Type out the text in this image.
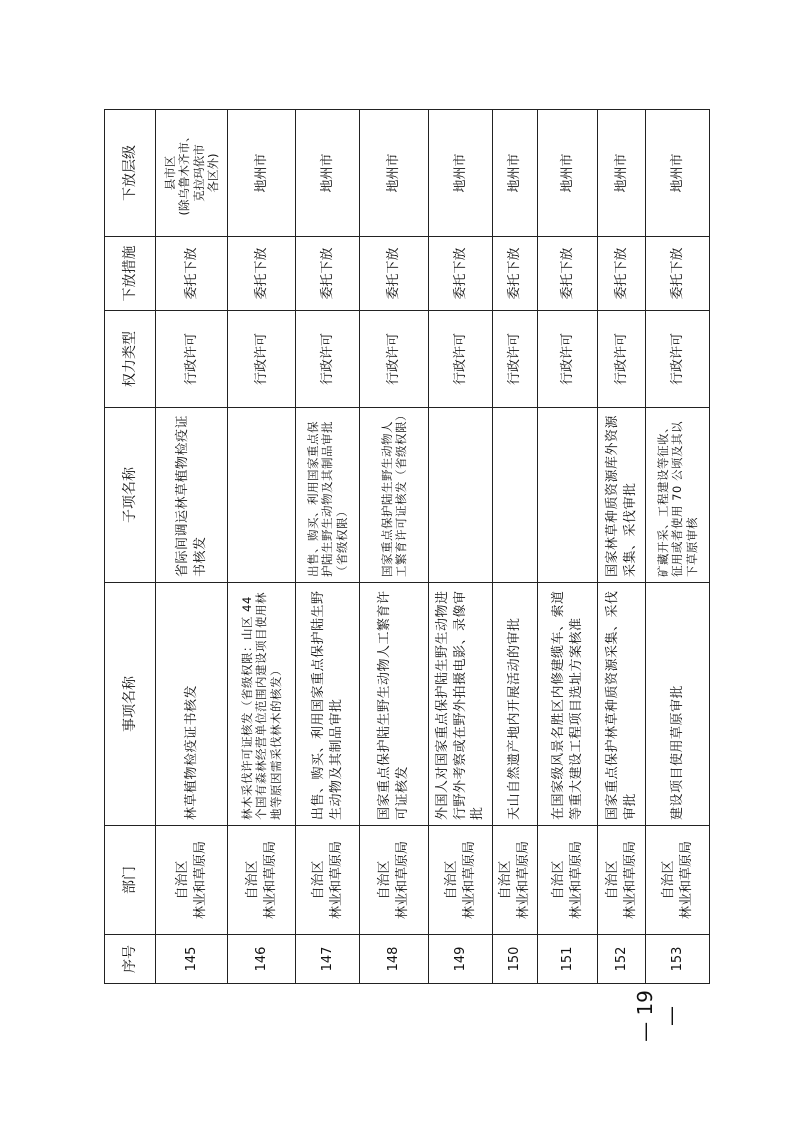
序号	部门	事项名称	子项名称	权力类型	下放措施	下放层级
145	自治区 林业和草原局	林草植物检疫证书核发	省际间调运林草植物检疫证书核发	行政许可	委托下放	县市区 (除乌鲁木齐市、 克拉玛依市 各区外)

146	自治区 林业和草原局	林木采伐许可证核发（省级权限：山区 44 个国有森林经营单位范围内建设项目使用林地等原因需采伐林木的核发）		行政许可	委托下放	地州市
147	自治区 林业和草原局	出售、购买、利用国家重点保护陆生野生动物及其制品审批	出售、购买、利用国家重点保护陆生野生动物及其制品审批（省级权限）	行政许可	委托下放	地州市
148	自治区 林业和草原局	国家重点保护陆生野生动物人工繁育许可证核发	国家重点保护陆生野生动物人工繁育许可证核发（省级权限）	行政许可	委托下放	地州市
149	自治区 林业和草原局	外国人对国家重点保护陆生野生动物进行野外考察或在野外拍摄电影、录像审批		行政许可	委托下放	地州市
150	自治区 林业和草原局	天山自然遗产地内开展活动的审批		行政许可	委托下放	地州市
151	自治区 林业和草原局	在国家级风景名胜区内修建缆车、索道等重大建设工程项目选址方案核准		行政许可	委托下放	地州市
152	自治区 林业和草原局	国家重点保护林草种质资源采集、采伐审批	国家林草种质资源库外资源采集、采伐审批	行政许可	委托下放	地州市
153	自治区 林业和草原局	建设项目使用草原审批	矿藏开采、工程建设等征收、征用或者使用 70 公顷及其以下草原审核	行政许可	委托下放	地州市
— 19 —
